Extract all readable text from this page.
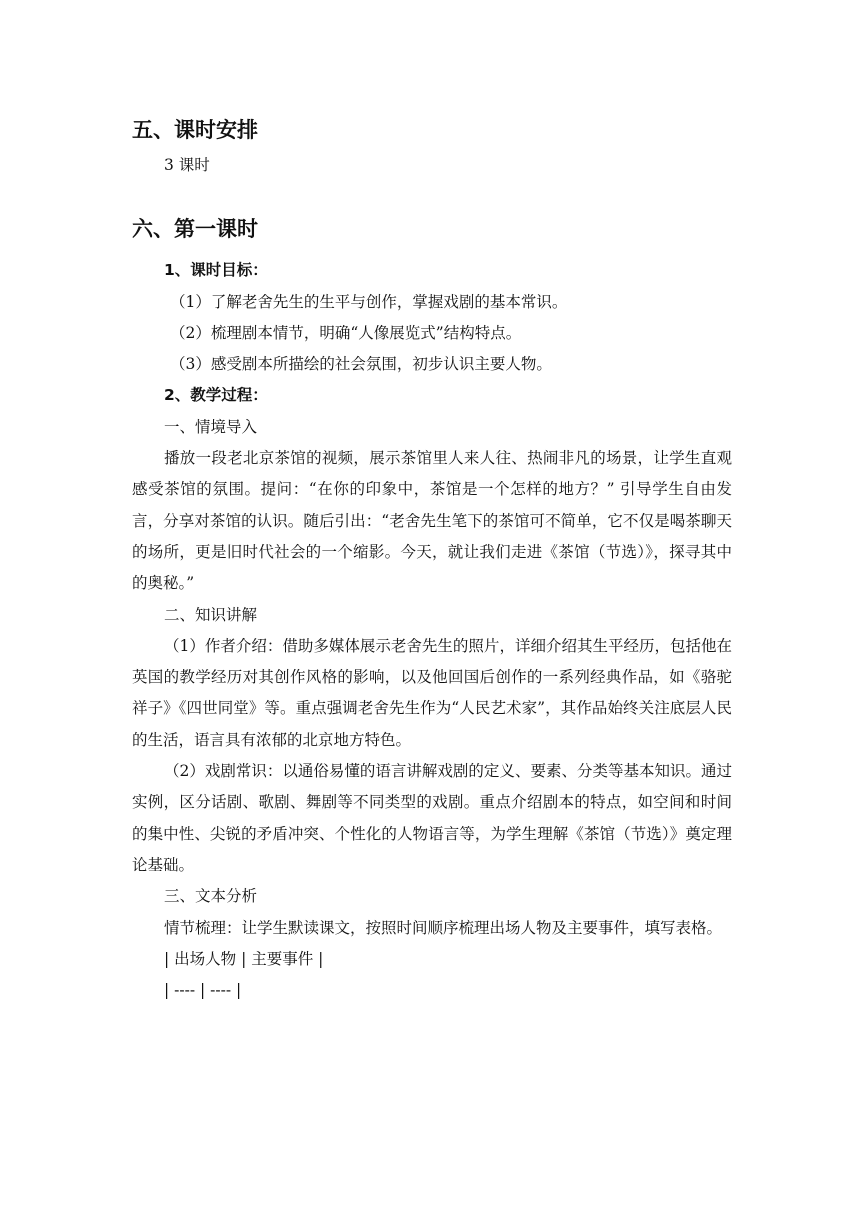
五、课时安排

3 课时

六、第一课时

1、课时目标：

（1）了解老舍先生的生平与创作，掌握戏剧的基本常识。

（2）梳理剧本情节，明确“人像展览式”结构特点。

（3）感受剧本所描绘的社会氛围，初步认识主要人物。

2、教学过程：

一、情境导入

播放一段老北京茶馆的视频，展示茶馆里人来人往、热闹非凡的场景，让学生直观感受茶馆的氛围。提问：“在你的印象中，茶馆是一个怎样的地方？” 引导学生自由发言，分享对茶馆的认识。随后引出：“老舍先生笔下的茶馆可不简单，它不仅是喝茶聊天的场所，更是旧时代社会的一个缩影。今天，就让我们走进《茶馆（节选）》，探寻其中的奥秘。”

二、知识讲解

（1）作者介绍：借助多媒体展示老舍先生的照片，详细介绍其生平经历，包括他在英国的教学经历对其创作风格的影响，以及他回国后创作的一系列经典作品，如《骆驼祥子》《四世同堂》等。重点强调老舍先生作为“人民艺术家”，其作品始终关注底层人民的生活，语言具有浓郁的北京地方特色。

（2）戏剧常识：以通俗易懂的语言讲解戏剧的定义、要素、分类等基本知识。通过实例，区分话剧、歌剧、舞剧等不同类型的戏剧。重点介绍剧本的特点，如空间和时间的集中性、尖锐的矛盾冲突、个性化的人物语言等，为学生理解《茶馆（节选）》奠定理论基础。

三、文本分析

情节梳理：让学生默读课文，按照时间顺序梳理出场人物及主要事件，填写表格。

| 出场人物 | 主要事件 |

| ---- | ---- |
